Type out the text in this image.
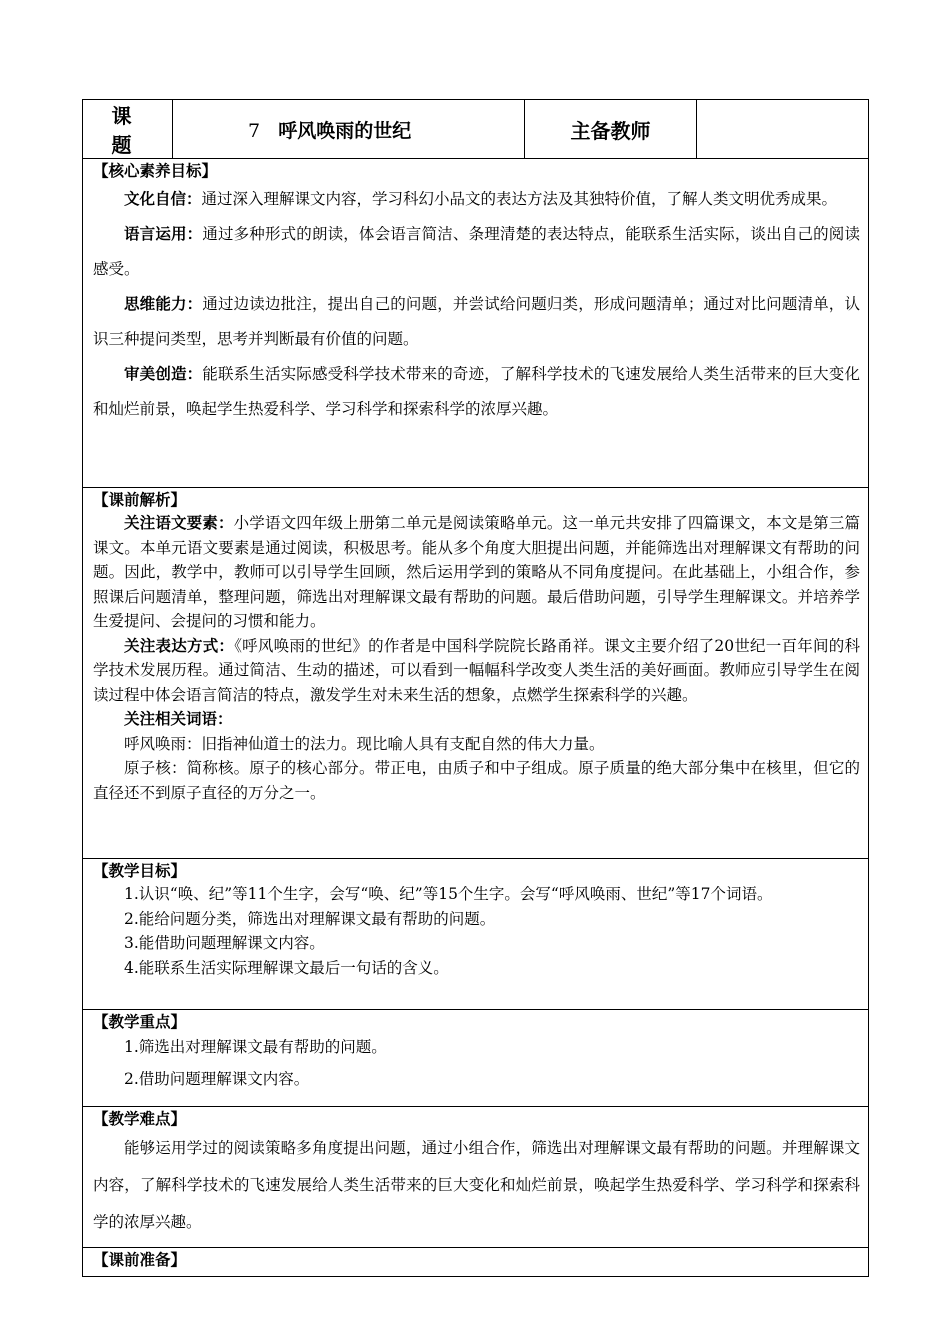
课 题	7 呼风唤雨的世纪	主备教师	

【核心素养目标】

文化自信：通过深入理解课文内容，学习科幻小品文的表达方法及其独特价值，了解人类文明优秀成果。

语言运用：通过多种形式的朗读，体会语言简洁、条理清楚的表达特点，能联系生活实际，谈出自己的阅读感受。

思维能力：通过边读边批注，提出自己的问题，并尝试给问题归类，形成问题清单；通过对比问题清单，认识三种提问类型，思考并判断最有价值的问题。

审美创造：能联系生活实际感受科学技术带来的奇迹，了解科学技术的飞速发展给人类生活带来的巨大变化和灿烂前景，唤起学生热爱科学、学习科学和探索科学的浓厚兴趣。

【课前解析】

关注语文要素：小学语文四年级上册第二单元是阅读策略单元。这一单元共安排了四篇课文，本文是第三篇课文。本单元语文要素是通过阅读，积极思考。能从多个角度大胆提出问题，并能筛选出对理解课文有帮助的问题。因此，教学中，教师可以引导学生回顾，然后运用学到的策略从不同角度提问。在此基础上，小组合作，参照课后问题清单，整理问题，筛选出对理解课文最有帮助的问题。最后借助问题，引导学生理解课文。并培养学生爱提问、会提问的习惯和能力。

关注表达方式：《呼风唤雨的世纪》的作者是中国科学院院长路甬祥。课文主要介绍了20世纪一百年间的科学技术发展历程。通过简洁、生动的描述，可以看到一幅幅科学改变人类生活的美好画面。教师应引导学生在阅读过程中体会语言简洁的特点，激发学生对未来生活的想象，点燃学生探索科学的兴趣。

关注相关词语：

呼风唤雨：旧指神仙道士的法力。现比喻人具有支配自然的伟大力量。

原子核：简称核。原子的核心部分。带正电，由质子和中子组成。原子质量的绝大部分集中在核里，但它的直径还不到原子直径的万分之一。

【教学目标】

1.认识“唤、纪”等11个生字，会写“唤、纪”等15个生字。会写“呼风唤雨、世纪”等17个词语。

2.能给问题分类，筛选出对理解课文最有帮助的问题。

3.能借助问题理解课文内容。

4.能联系生活实际理解课文最后一句话的含义。

【教学重点】

1.筛选出对理解课文最有帮助的问题。

2.借助问题理解课文内容。

【教学难点】

能够运用学过的阅读策略多角度提出问题，通过小组合作，筛选出对理解课文最有帮助的问题。并理解课文内容，了解科学技术的飞速发展给人类生活带来的巨大变化和灿烂前景，唤起学生热爱科学、学习科学和探索科学的浓厚兴趣。

【课前准备】
